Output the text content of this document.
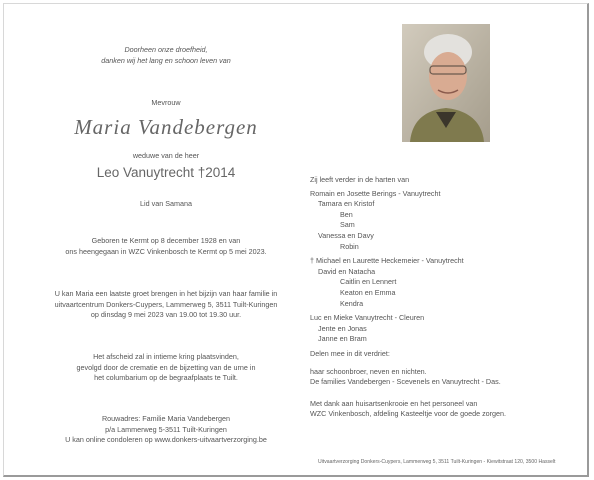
Doorheen onze droefheid,
danken wij het lang en schoon leven van
Mevrouw
Maria Vandebergen
weduwe van de heer
Leo Vanuytrecht †2014
Lid van Samana
Geboren te Kermt op 8 december 1928 en van
ons heengegaan in WZC Vinkenbosch te Kermt op 5 mei 2023.
U kan Maria een laatste groet brengen in het bijzijn van haar familie in
uitvaartcentrum Donkers-Cuypers, Lammerweg 5, 3511 Tuilt-Kuringen
op dinsdag 9 mei 2023 van 19.00 tot 19.30 uur.
Het afscheid zal in intieme kring plaatsvinden,
gevolgd door de crematie en de bijzetting van de urne in
het columbarium op de begraafplaats te Tuilt.
Rouwadres: Familie Maria Vandebergen
p/a Lammerweg 5-3511 Tuilt-Kuringen
U kan online condoleren op www.donkers-uitvaartverzorging.be
Zij leeft verder in de harten van
Romain en Josette Berings - Vanuytrecht
Tamara en Kristof
Ben
Sam
Vanessa en Davy
Robin
† Michael en Laurette Heckemeier - Vanuytrecht
David en Natacha
Caitlin en Lennert
Keaton en Emma
Kendra
Luc en Mieke Vanuytrecht - Cleuren
Jente en Jonas
Janne en Bram
Delen mee in dit verdriet:
haar schoonbroer, neven en nichten.
De families Vandebergen - Scevenels en Vanuytrecht - Das.
Met dank aan huisartsenkrooie en het personeel van
WZC Vinkenbosch, afdeling Kasteeltje voor de goede zorgen.
Uitvaartverzorging Donkers-Cuypers, Lammerweg 5, 3511 Tuilt-Kuringen - Kiewitstraat 120, 3500 Hasselt
